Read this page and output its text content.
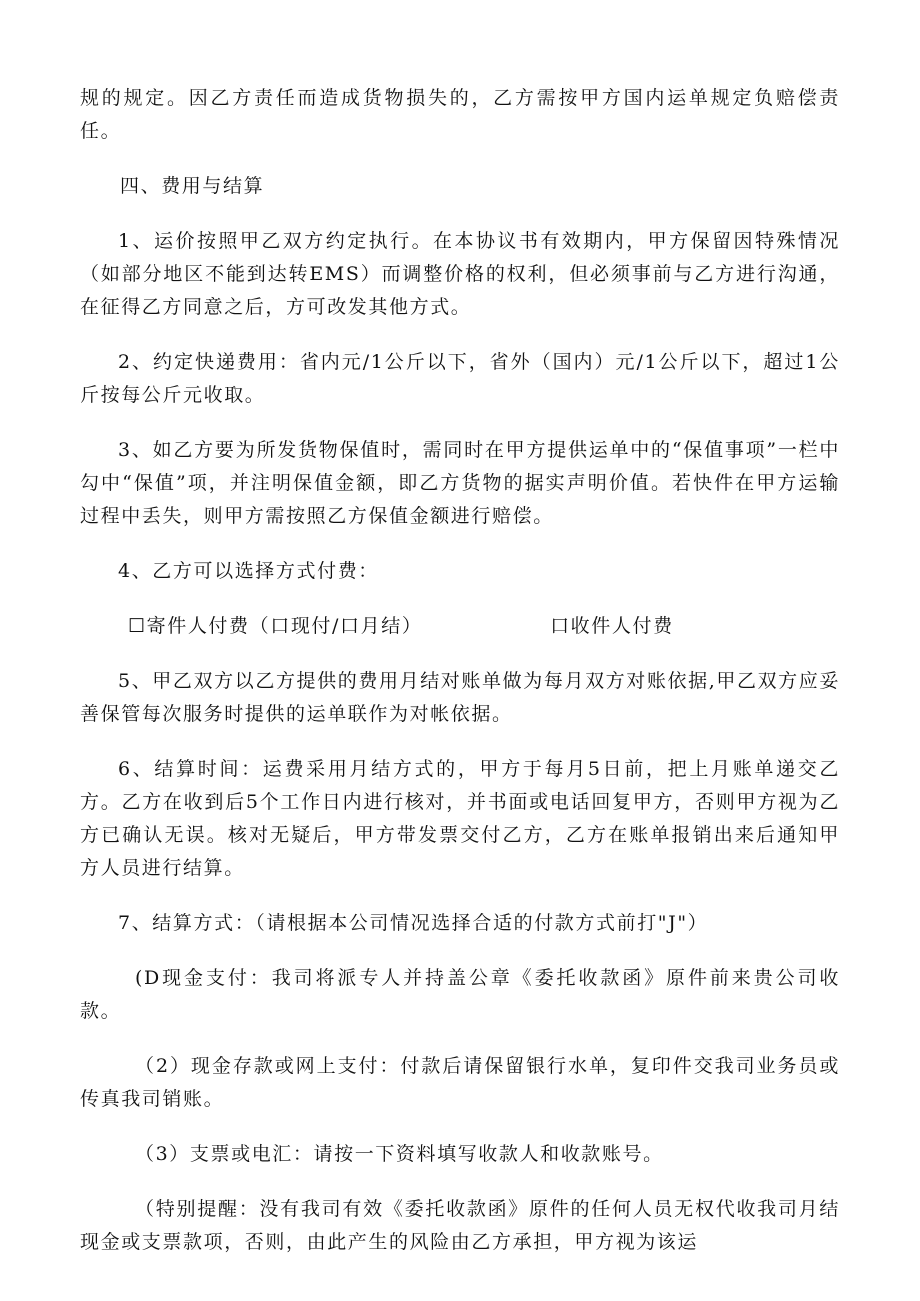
规的规定。因乙方责任而造成货物损失的，乙方需按甲方国内运单规定负赔偿责任。

四、费用与结算

1、运价按照甲乙双方约定执行。在本协议书有效期内，甲方保留因特殊情况（如部分地区不能到达转EMS）而调整价格的权利，但必须事前与乙方进行沟通，在征得乙方同意之后，方可改发其他方式。

2、约定快递费用：省内元/1公斤以下，省外（国内）元/1公斤以下，超过1公斤按每公斤元收取。

3、如乙方要为所发货物保值时，需同时在甲方提供运单中的“保值事项”一栏中勾中“保值”项，并注明保值金额，即乙方货物的据实声明价值。若快件在甲方运输过程中丢失，则甲方需按照乙方保值金额进行赔偿。

4、乙方可以选择方式付费：

☐寄件人付费（口现付/口月结）	口收件人付费

5、甲乙双方以乙方提供的费用月结对账单做为每月双方对账依据,甲乙双方应妥善保管每次服务时提供的运单联作为对帐依据。

6、结算时间：运费采用月结方式的，甲方于每月5日前，把上月账单递交乙方。乙方在收到后5个工作日内进行核对，并书面或电话回复甲方，否则甲方视为乙方已确认无误。核对无疑后，甲方带发票交付乙方，乙方在账单报销出来后通知甲方人员进行结算。

7、结算方式：（请根据本公司情况选择合适的付款方式前打"J"）

(D现金支付：我司将派专人并持盖公章《委托收款函》原件前来贵公司收款。

（2）现金存款或网上支付：付款后请保留银行水单，复印件交我司业务员或传真我司销账。

（3）支票或电汇：请按一下资料填写收款人和收款账号。

（特别提醒：没有我司有效《委托收款函》原件的任何人员无权代收我司月结现金或支票款项，否则，由此产生的风险由乙方承担，甲方视为该运
